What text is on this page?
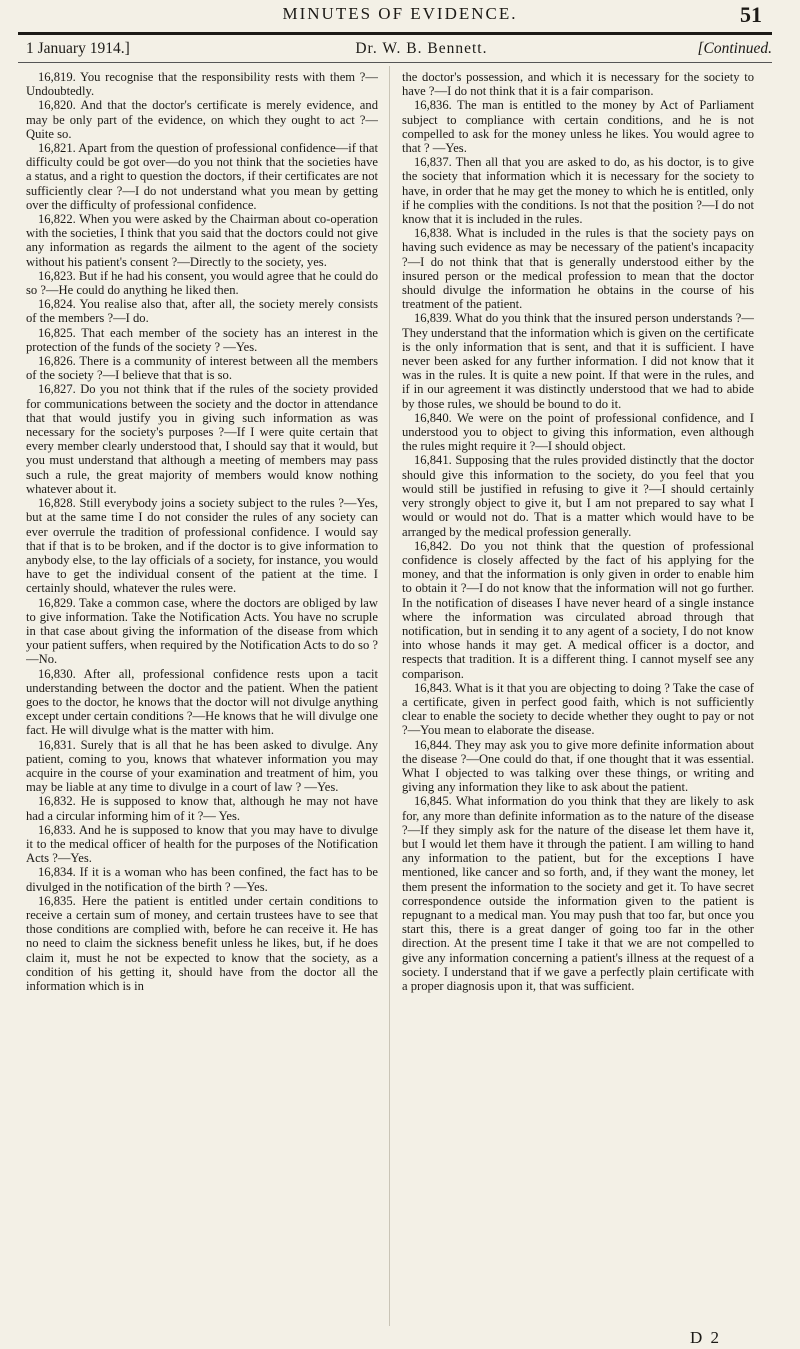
MINUTES OF EVIDENCE.	51
1 January 1914.]	Dr. W. B. Bennett.	[Continued.

16,819. You recognise that the responsibility rests with them ?—Undoubtedly.

16,820. And that the doctor's certificate is merely evidence, and may be only part of the evidence, on which they ought to act ?—Quite so.

16,821. Apart from the question of professional confidence—if that difficulty could be got over—do you not think that the societies have a status, and a right to question the doctors, if their certificates are not sufficiently clear ?—I do not understand what you mean by getting over the difficulty of professional confidence.

16,822. When you were asked by the Chairman about co-operation with the societies, I think that you said that the doctors could not give any information as regards the ailment to the agent of the society without his patient's consent ?—Directly to the society, yes.

16,823. But if he had his consent, you would agree that he could do so ?—He could do anything he liked then.

16,824. You realise also that, after all, the society merely consists of the members ?—I do.

16,825. That each member of the society has an interest in the protection of the funds of the society ? —Yes.

16,826. There is a community of interest between all the members of the society ?—I believe that that is so.

16,827. Do you not think that if the rules of the society provided for communications between the society and the doctor in attendance that that would justify you in giving such information as was necessary for the society's purposes ?—If I were quite certain that every member clearly understood that, I should say that it would, but you must understand that although a meeting of members may pass such a rule, the great majority of members would know nothing whatever about it.

16,828. Still everybody joins a society subject to the rules ?—Yes, but at the same time I do not consider the rules of any society can ever overrule the tradition of professional confidence. I would say that if that is to be broken, and if the doctor is to give information to anybody else, to the lay officials of a society, for instance, you would have to get the individual consent of the patient at the time. I certainly should, whatever the rules were.

16,829. Take a common case, where the doctors are obliged by law to give information. Take the Notification Acts. You have no scruple in that case about giving the information of the disease from which your patient suffers, when required by the Notification Acts to do so ?—No.

16,830. After all, professional confidence rests upon a tacit understanding between the doctor and the patient. When the patient goes to the doctor, he knows that the doctor will not divulge anything except under certain conditions ?—He knows that he will divulge one fact. He will divulge what is the matter with him.

16,831. Surely that is all that he has been asked to divulge. Any patient, coming to you, knows that whatever information you may acquire in the course of your examination and treatment of him, you may be liable at any time to divulge in a court of law ? —Yes.

16,832. He is supposed to know that, although he may not have had a circular informing him of it ?— Yes.

16,833. And he is supposed to know that you may have to divulge it to the medical officer of health for the purposes of the Notification Acts ?—Yes.

16,834. If it is a woman who has been confined, the fact has to be divulged in the notification of the birth ? —Yes.

16,835. Here the patient is entitled under certain conditions to receive a certain sum of money, and certain trustees have to see that those conditions are complied with, before he can receive it. He has no need to claim the sickness benefit unless he likes, but, if he does claim it, must he not be expected to know that the society, as a condition of his getting it, should have from the doctor all the information which is in

the doctor's possession, and which it is necessary for the society to have ?—I do not think that it is a fair comparison.

16,836. The man is entitled to the money by Act of Parliament subject to compliance with certain conditions, and he is not compelled to ask for the money unless he likes. You would agree to that ? —Yes.

16,837. Then all that you are asked to do, as his doctor, is to give the society that information which it is necessary for the society to have, in order that he may get the money to which he is entitled, only if he complies with the conditions. Is not that the position ?—I do not know that it is included in the rules.

16,838. What is included in the rules is that the society pays on having such evidence as may be necessary of the patient's incapacity ?—I do not think that that is generally understood either by the insured person or the medical profession to mean that the doctor should divulge the information he obtains in the course of his treatment of the patient.

16,839. What do you think that the insured person understands ?—They understand that the information which is given on the certificate is the only information that is sent, and that it is sufficient. I have never been asked for any further information. I did not know that it was in the rules. It is quite a new point. If that were in the rules, and if in our agreement it was distinctly understood that we had to abide by those rules, we should be bound to do it.

16,840. We were on the point of professional confidence, and I understood you to object to giving this information, even although the rules might require it ?—I should object.

16,841. Supposing that the rules provided distinctly that the doctor should give this information to the society, do you feel that you would still be justified in refusing to give it ?—I should certainly very strongly object to give it, but I am not prepared to say what I would or would not do. That is a matter which would have to be arranged by the medical profession generally.

16,842. Do you not think that the question of professional confidence is closely affected by the fact of his applying for the money, and that the information is only given in order to enable him to obtain it ?—I do not know that the information will not go further. In the notification of diseases I have never heard of a single instance where the information was circulated abroad through that notification, but in sending it to any agent of a society, I do not know into whose hands it may get. A medical officer is a doctor, and respects that tradition. It is a different thing. I cannot myself see any comparison.

16,843. What is it that you are objecting to doing ? Take the case of a certificate, given in perfect good faith, which is not sufficiently clear to enable the society to decide whether they ought to pay or not ?—You mean to elaborate the disease.

16,844. They may ask you to give more definite information about the disease ?—One could do that, if one thought that it was essential. What I objected to was talking over these things, or writing and giving any information they like to ask about the patient.

16,845. What information do you think that they are likely to ask for, any more than definite information as to the nature of the disease ?—If they simply ask for the nature of the disease let them have it, but I would let them have it through the patient. I am willing to hand any information to the patient, but for the exceptions I have mentioned, like cancer and so forth, and, if they want the money, let them present the information to the society and get it. To have secret correspondence outside the information given to the patient is repugnant to a medical man. You may push that too far, but once you start this, there is a great danger of going too far in the other direction. At the present time I take it that we are not compelled to give any information concerning a patient's illness at the request of a society. I understand that if we gave a perfectly plain certificate with a proper diagnosis upon it, that was sufficient.

D 2
